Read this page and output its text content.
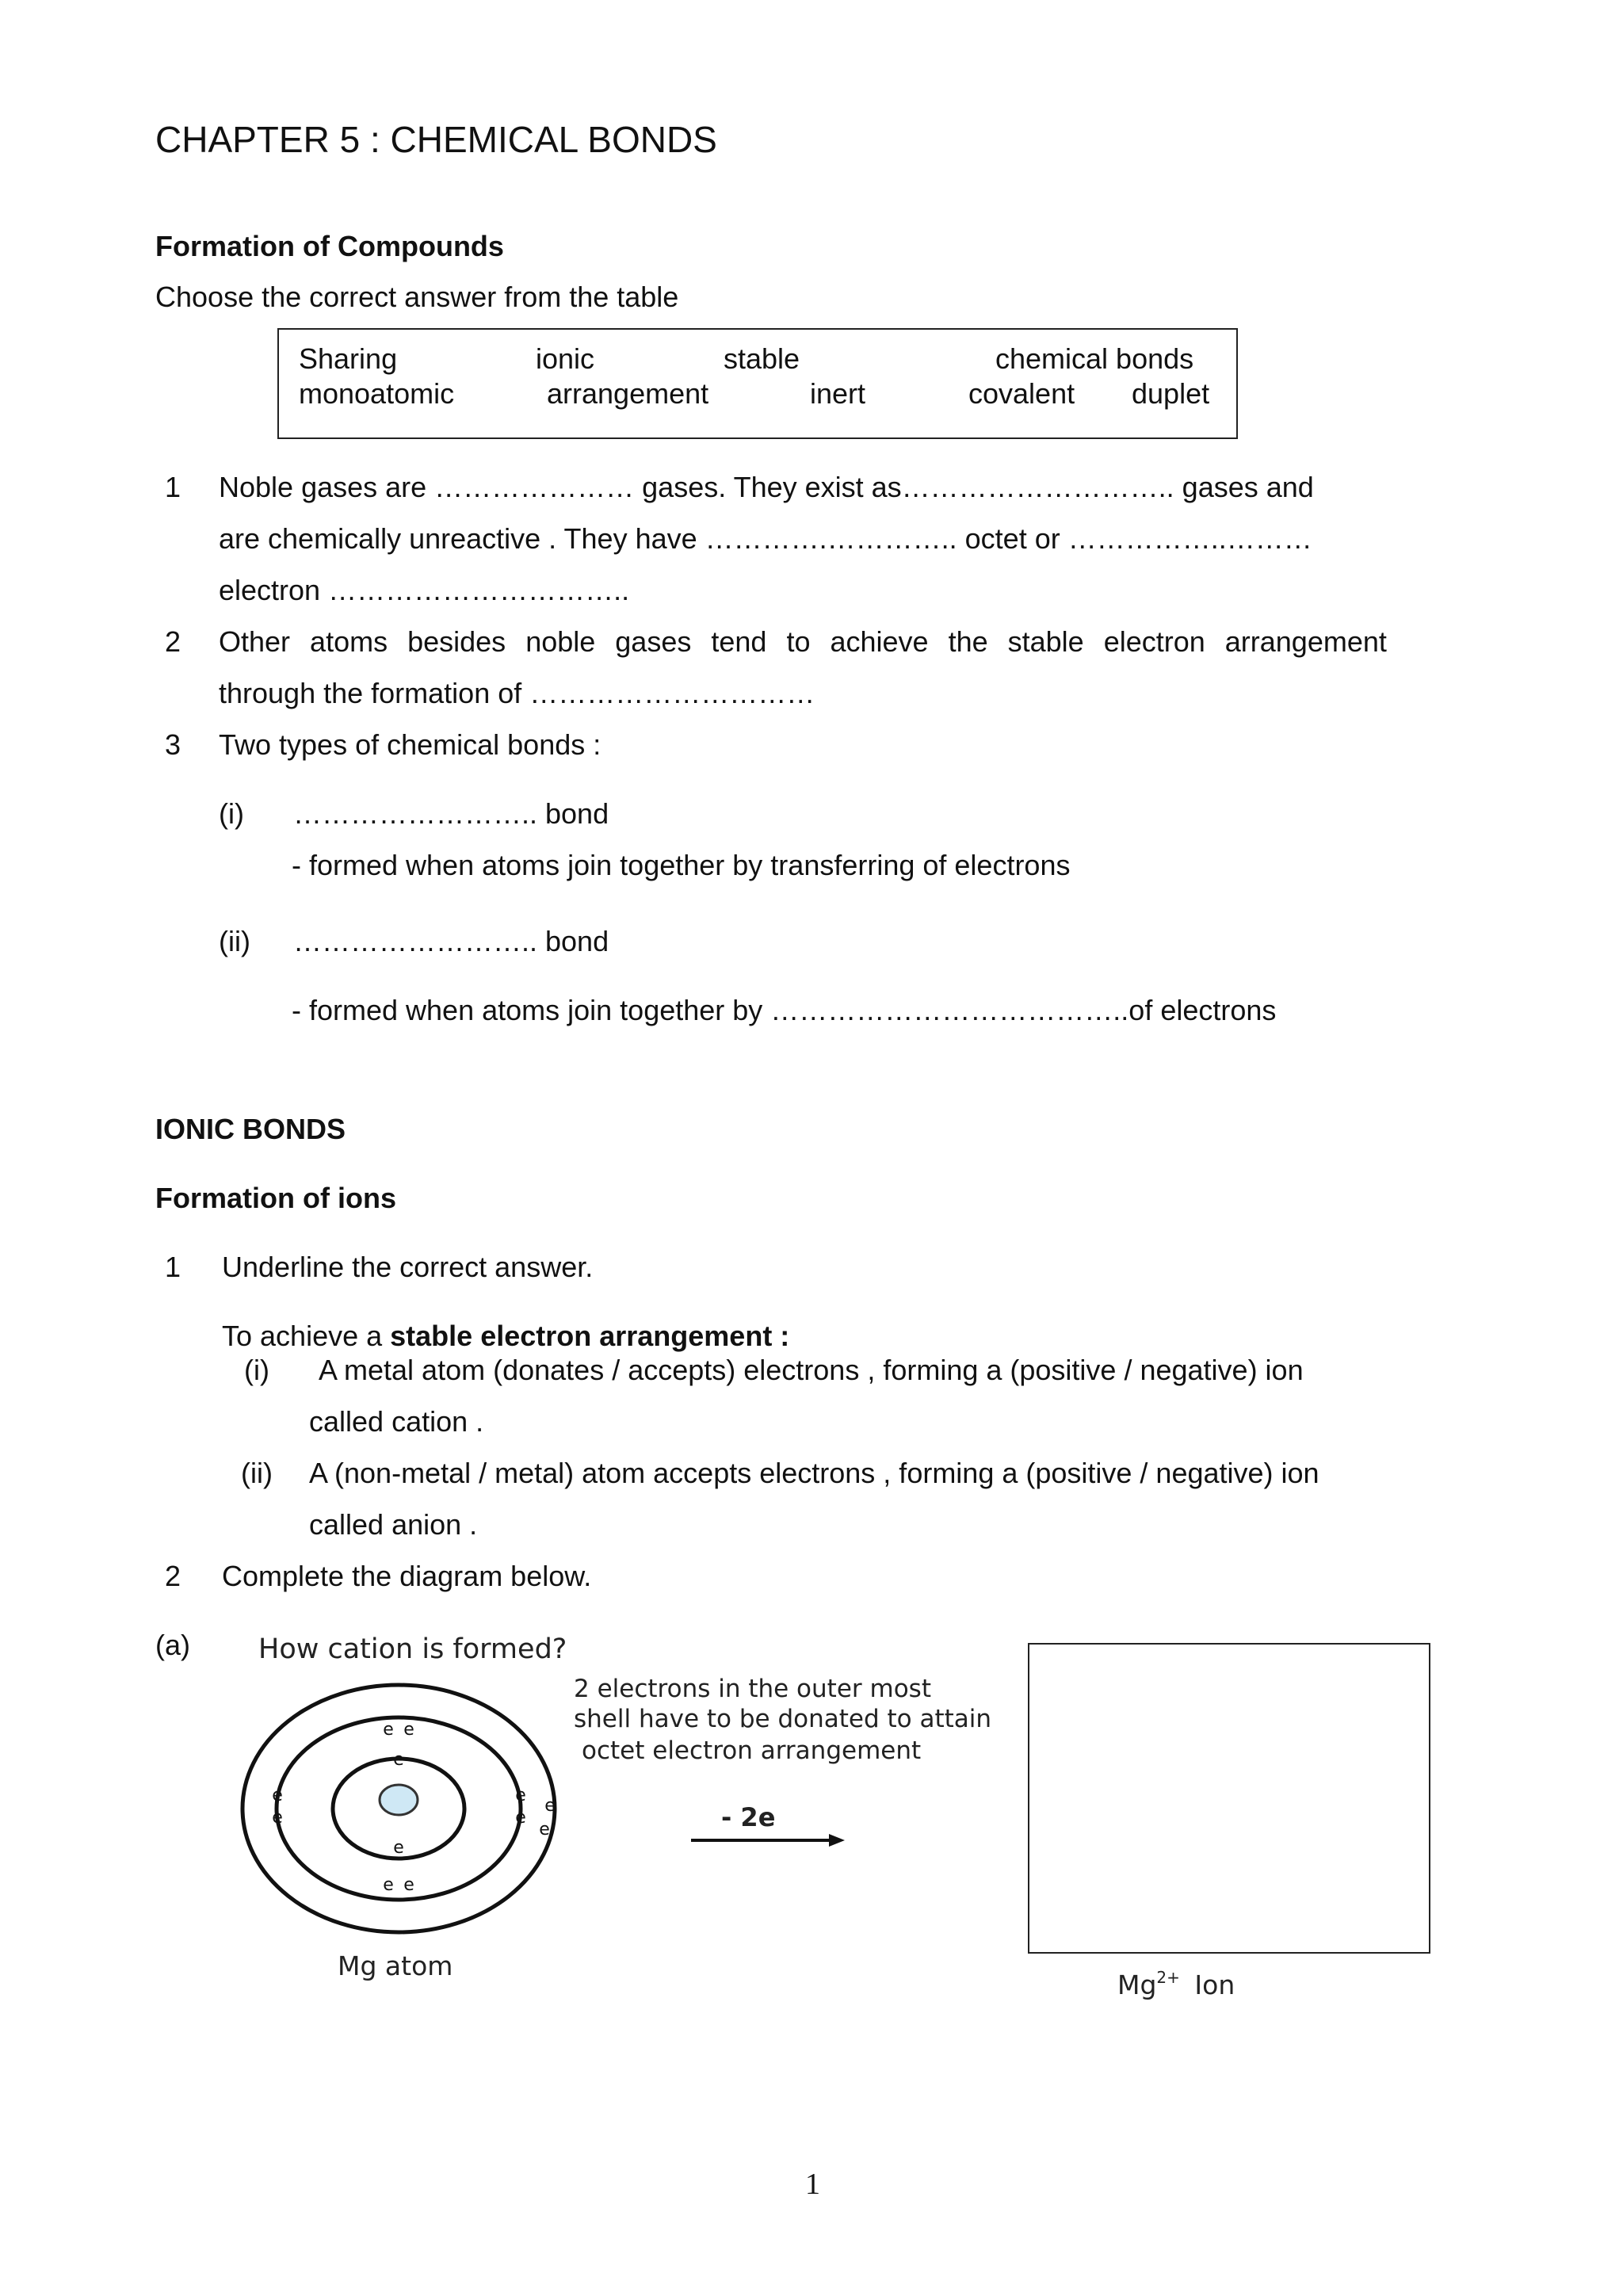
CHAPTER 5 : CHEMICAL BONDS
Formation of Compounds
Choose the correct answer from the table
Sharing	ionic	stable	chemical bonds
monoatomic	arrangement	inert	covalent duplet
1 Noble gases are ………………… gases. They exist as……………………….. gases and
are chemically unreactive . They have ………….………….. octet or ……………..………
electron …………………………..
2 Other atoms besides noble gases tend to achieve the stable electron arrangement
through the formation of …………………………
3 Two types of chemical bonds :
(i) …………………….. bond
- formed when atoms join together by transferring of electrons
(ii) …………………….. bond
- formed when atoms join together by ………………………………..of electrons
IONIC BONDS
Formation of ions
1 Underline the correct answer.
To achieve a stable electron arrangement :
(i) A metal atom (donates / accepts) electrons , forming a (positive / negative) ion
called cation .
(ii) A (non-metal / metal) atom accepts electrons , forming a (positive / negative) ion
called anion .
2 Complete the diagram below.
(a) How cation is formed?
2 electrons in the outer most
shell have to be donated to attain
octet electron arrangement
e
e
e e
e e
e
e
e
e
e
e	- 2e
Mg atom
$Mg^{2+}$ Ion
1
